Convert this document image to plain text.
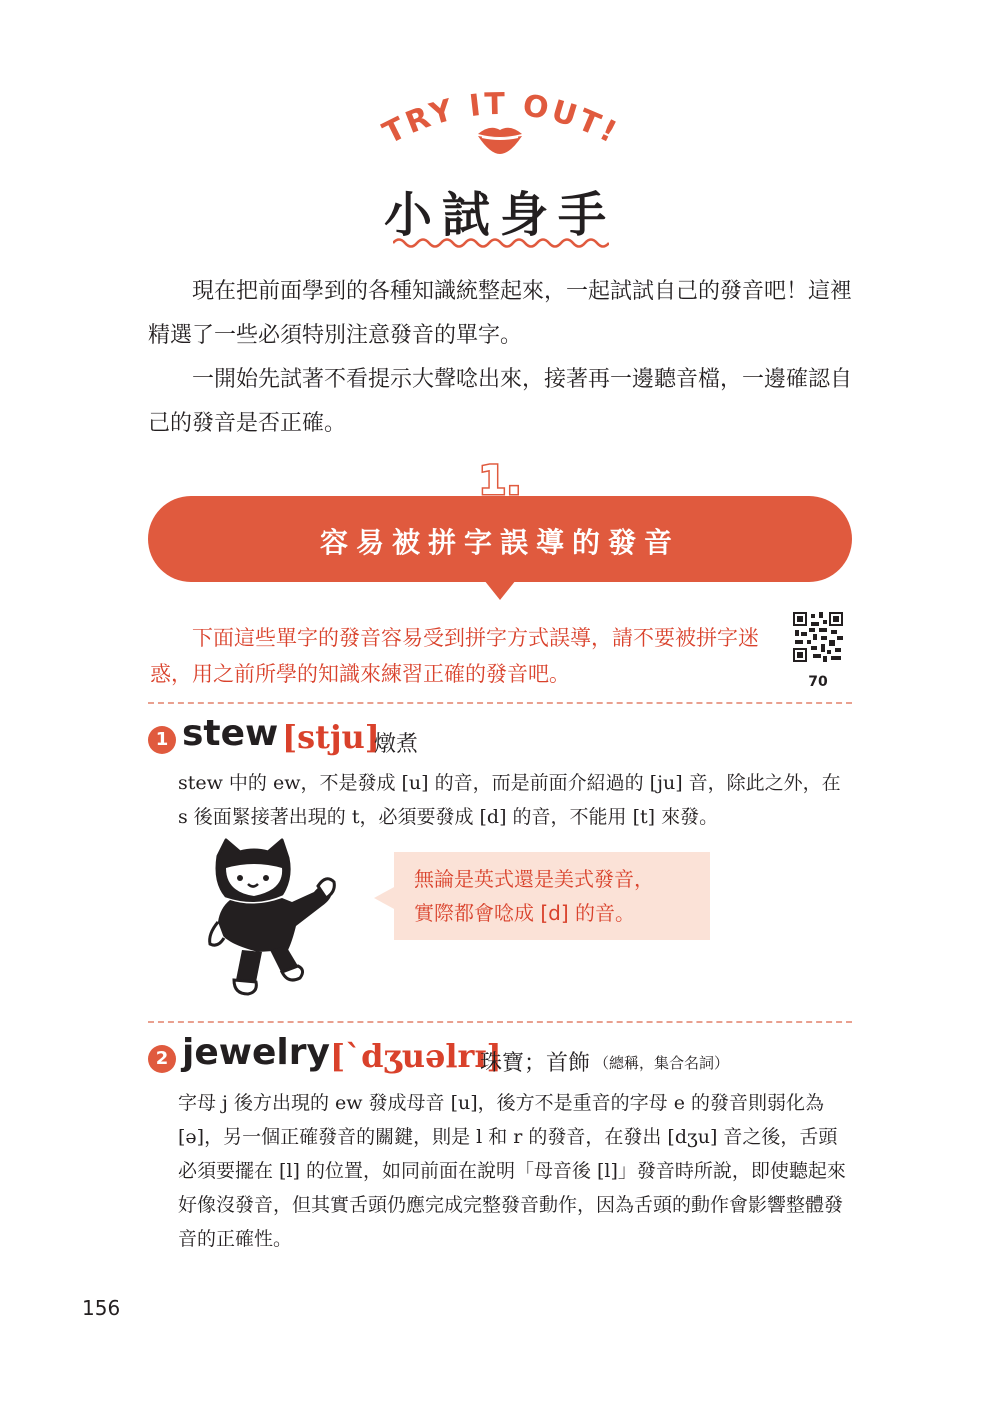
TRY IT OUT!
小試身手

現在把前面學到的各種知識統整起來，一起試試自己的發音吧！這裡精選了一些必須特別注意發音的單字。

一開始先試著不看提示大聲唸出來，接著再一邊聽音檔，一邊確認自己的發音是否正確。

1.
容易被拼字誤導的發音

下面這些單字的發音容易受到拼字方式誤導，請不要被拼字迷惑，用之前所學的知識來練習正確的發音吧。	70
1 stew [stju]
燉煮

stew 中的 ew，不是發成 [u] 的音，而是前面介紹過的 [ju] 音，除此之外，在 s 後面緊接著出現的 t，必須要發成 [d] 的音，不能用 [t] 來發。

無論是英式還是美式發音，

實際都會唸成 [d] 的音。

2 jewelry [ˋdʒuəlrɪ]
珠寶；首飾 （總稱，集合名詞）

字母 j 後方出現的 ew 發成母音 [u]，後方不是重音的字母 e 的發音則弱化為 [ə]，另一個正確發音的關鍵，則是 l 和 r 的發音，在發出 [dʒu] 音之後，舌頭必須要擺在 [l] 的位置，如同前面在說明「母音後 [l]」發音時所說，即使聽起來好像沒發音，但其實舌頭仍應完成完整發音動作，因為舌頭的動作會影響整體發音的正確性。

156
